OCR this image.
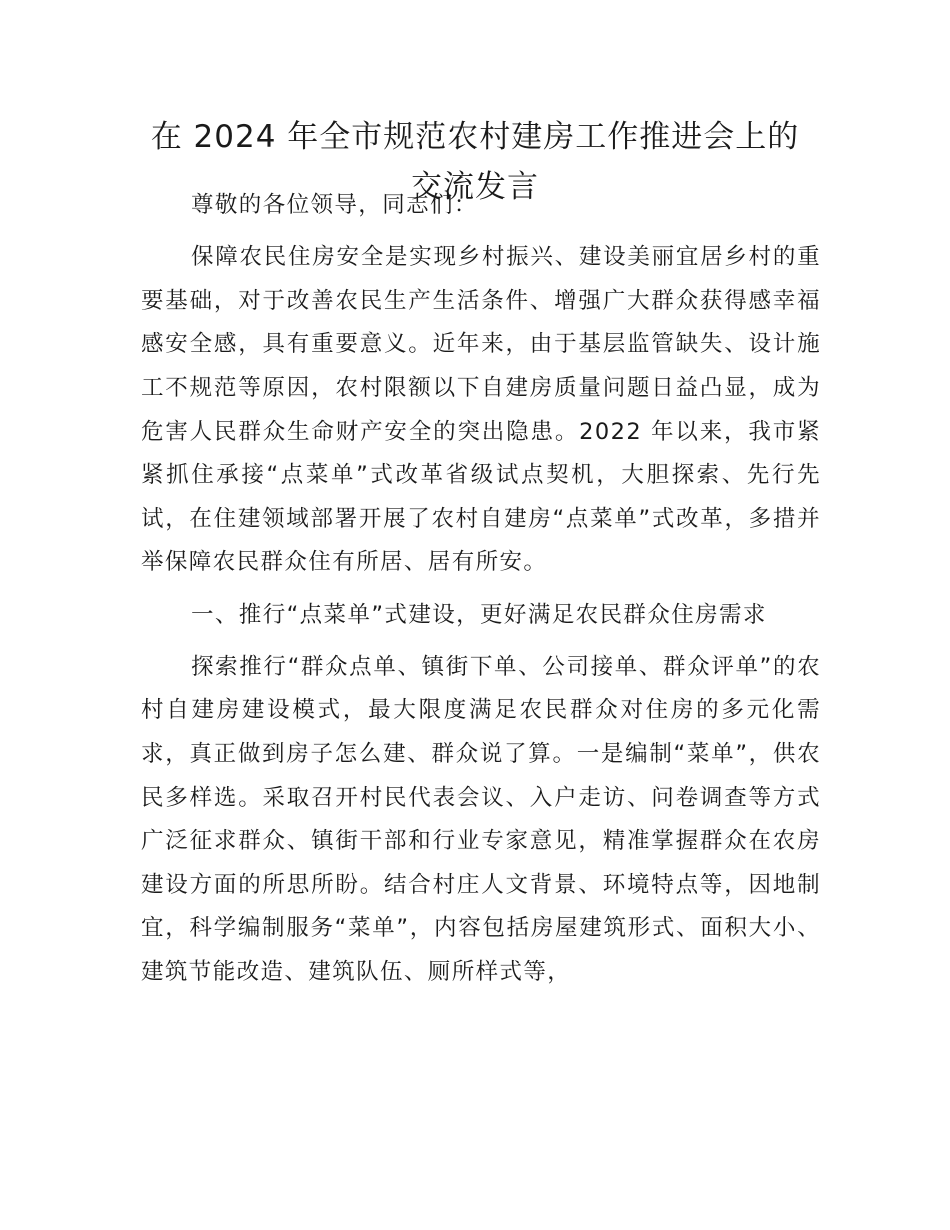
在 2024 年全市规范农村建房工作推进会上的
交流发言

尊敬的各位领导，同志们：

保障农民住房安全是实现乡村振兴、建设美丽宜居乡村的重要基础，对于改善农民生产生活条件、增强广大群众获得感幸福感安全感，具有重要意义。近年来，由于基层监管缺失、设计施工不规范等原因，农村限额以下自建房质量问题日益凸显，成为危害人民群众生命财产安全的突出隐患。2022 年以来，我市紧紧抓住承接“点菜单”式改革省级试点契机，大胆探索、先行先试，在住建领域部署开展了农村自建房“点菜单”式改革，多措并举保障农民群众住有所居、居有所安。

一、推行“点菜单”式建设，更好满足农民群众住房需求

探索推行“群众点单、镇街下单、公司接单、群众评单”的农村自建房建设模式，最大限度满足农民群众对住房的多元化需求，真正做到房子怎么建、群众说了算。一是编制“菜单”，供农民多样选。采取召开村民代表会议、入户走访、问卷调查等方式广泛征求群众、镇街干部和行业专家意见，精准掌握群众在农房建设方面的所思所盼。结合村庄人文背景、环境特点等，因地制宜，科学编制服务“菜单”，内容包括房屋建筑形式、面积大小、建筑节能改造、建筑队伍、厕所样式等，
